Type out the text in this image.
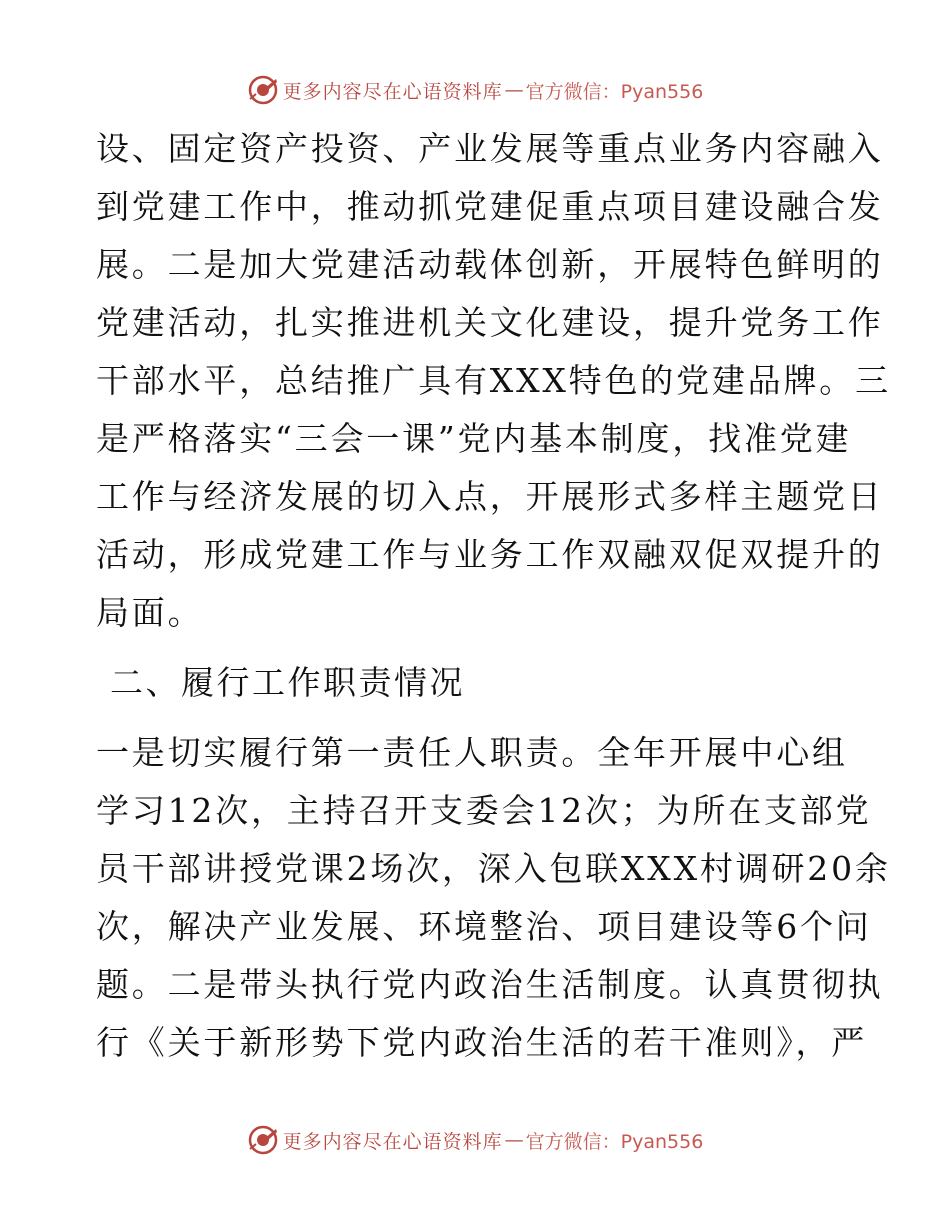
更多内容尽在心语资料库 — 官方微信：Pyan556
设、固定资产投资、产业发展等重点业务内容融入
到党建工作中，推动抓党建促重点项目建设融合发
展。二是加大党建活动载体创新，开展特色鲜明的
党建活动，扎实推进机关文化建设，提升党务工作
干部水平，总结推广具有XXX特色的党建品牌。三
是严格落实“三会一课”党内基本制度，找准党建
工作与经济发展的切入点，开展形式多样主题党日
活动，形成党建工作与业务工作双融双促双提升的
局面。
二、履行工作职责情况
一是切实履行第一责任人职责。全年开展中心组
学习12次，主持召开支委会12次；为所在支部党
员干部讲授党课2场次，深入包联XXX村调研20余
次，解决产业发展、环境整治、项目建设等6个问
题。二是带头执行党内政治生活制度。认真贯彻执
行《关于新形势下党内政治生活的若干准则》，严
更多内容尽在心语资料库 — 官方微信：Pyan556
